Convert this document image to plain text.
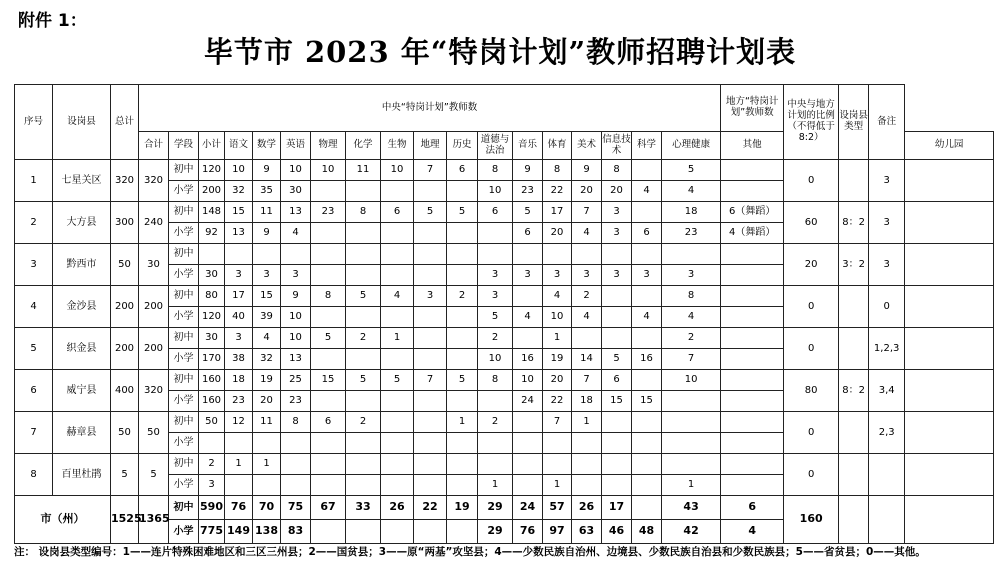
附件 1：
毕节市 2023 年“特岗计划”教师招聘计划表
序号	设岗县	总计	中央“特岗计划”教师数																		地方“特岗计划”教师数	中央与地方计划的比例（不得低于8:2）	设岗县类型	备注	
			合计	学段	小计	语文	数学	英语	物理	化学	生物	地理	历史	道德与法治	音乐	体育	美术	信息技术	科学	心理健康	其他				幼儿园
1	七星关区	320	320	初中	120	10	9	10	10	11	10	7	6	8	9	8	9	8		5		0		3	
				小学	200	32	35	30						10	23	22	20	20	4	4					
2	大方县	300	240	初中	148	15	11	13	23	8	6	5	5	6	5	17	7	3		18	6（舞蹈）	60	8：2	3	
				小学	92	13	9	4							6	20	4	3	6	23	4（舞蹈）				
3	黔西市	50	30	初中																		20	3：2	3	
				小学	30	3	3	3						3	3	3	3	3	3	3					
4	金沙县	200	200	初中	80	17	15	9	8	5	4	3	2	3		4	2			8		0		0	
				小学	120	40	39	10						5	4	10	4		4	4					
5	织金县	200	200	初中	30	3	4	10	5	2	1			2		1				2		0		1,2,3	
				小学	170	38	32	13						10	16	19	14	5	16	7					
6	威宁县	400	320	初中	160	18	19	25	15	5	5	7	5	8	10	20	7	6		10		80	8：2	3,4	
				小学	160	23	20	23							24	22	18	15	15						
7	赫章县	50	50	初中	50	12	11	8	6	2			1	2		7	1					0		2,3	
				小学																					
8	百里杜鹃	5	5	初中	2	1	1															0			
				小学	3									1		1				1					
市（州）		1525	1365	初中	590	76	70	75	67	33	26	22	19	29	24	57	26	17		43	6	160			
				小学	775	149	138	83						29	76	97	63	46	48	42	4				
注： 设岗县类型编号：1——连片特殊困难地区和三区三州县；2——国贫县；3——原“两基”攻坚县；4——少数民族自治州、边境县、少数民族自治县和少数民族县；5——省贫县；0——其他。
